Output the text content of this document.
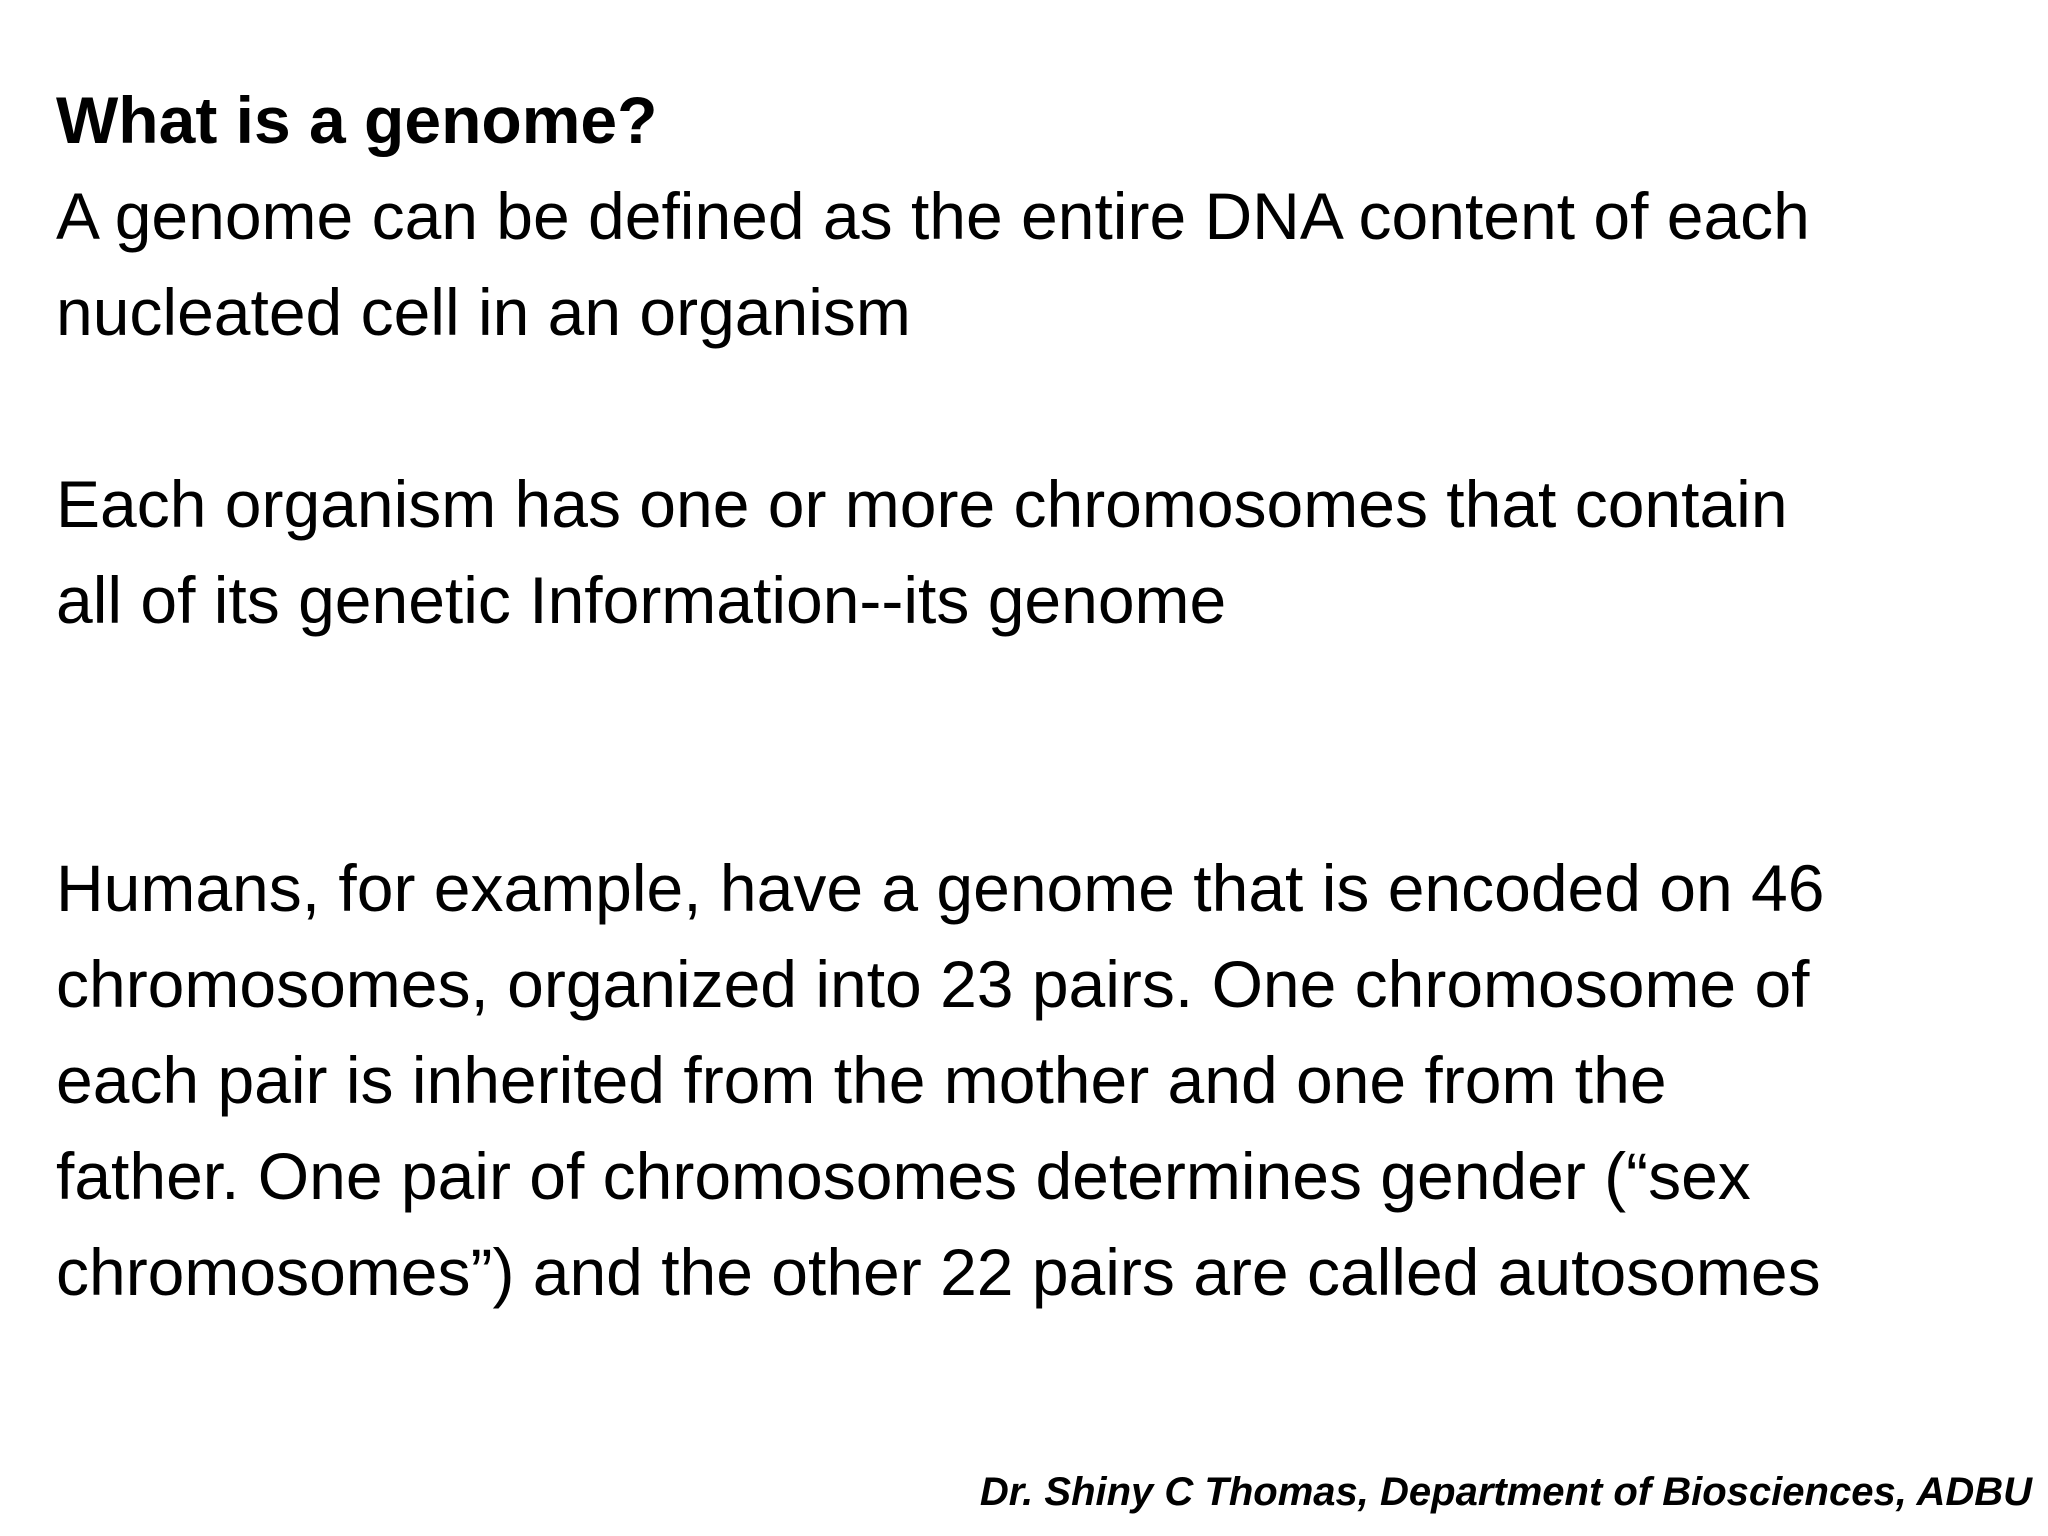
What is a genome?

A genome can be defined as the entire DNA content of each
nucleated cell in an organism

Each organism has one or more chromosomes that contain
all of its genetic Information--its genome

Humans, for example, have a genome that is encoded on 46
chromosomes, organized into 23 pairs. One chromosome of
each pair is inherited from the mother and one from the
father. One pair of chromosomes determines gender (“sex
chromosomes”) and the other 22 pairs are called autosomes

Dr. Shiny C Thomas, Department of Biosciences, ADBU
